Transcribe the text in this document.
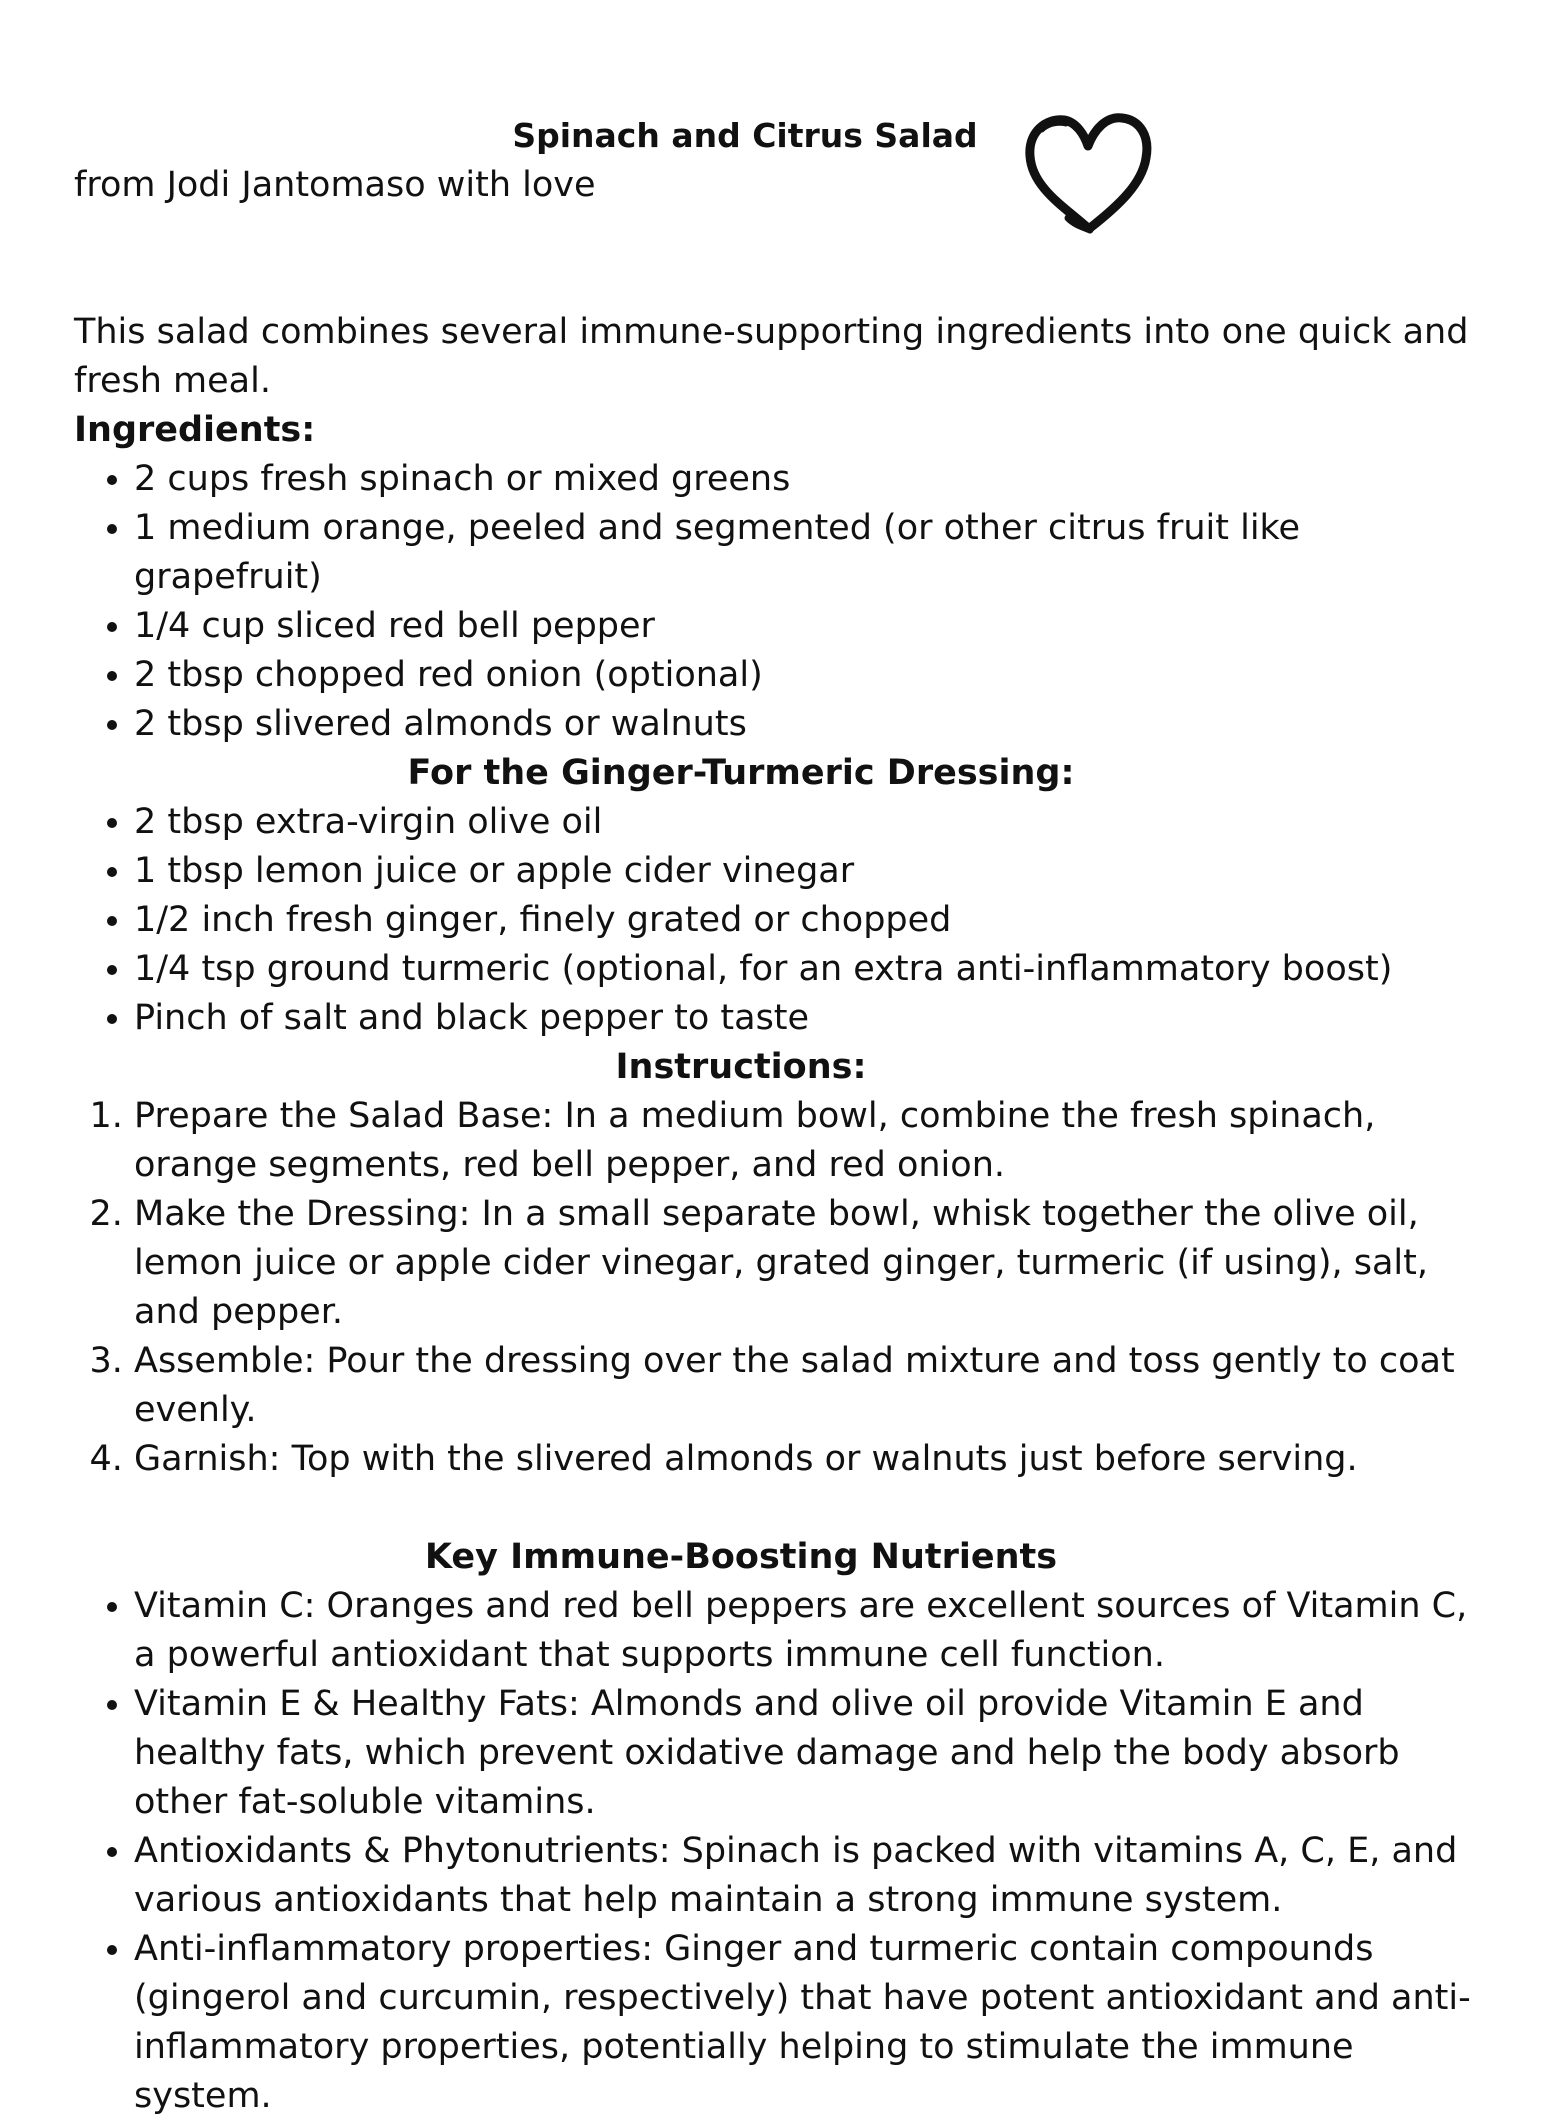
Spinach and Citrus Salad

from Jodi Jantomaso with love

This salad combines several immune-supporting ingredients into one quick and fresh meal.

Ingredients:

• 2 cups fresh spinach or mixed greens
• 1 medium orange, peeled and segmented (or other citrus fruit like grapefruit)
• 1/4 cup sliced red bell pepper
• 2 tbsp chopped red onion (optional)
• 2 tbsp slivered almonds or walnuts

For the Ginger-Turmeric Dressing:

• 2 tbsp extra-virgin olive oil
• 1 tbsp lemon juice or apple cider vinegar
• 1/2 inch fresh ginger, finely grated or chopped
• 1/4 tsp ground turmeric (optional, for an extra anti-inflammatory boost)
• Pinch of salt and black pepper to taste

Instructions:

1. Prepare the Salad Base: In a medium bowl, combine the fresh spinach, orange segments, red bell pepper, and red onion.
2. Make the Dressing: In a small separate bowl, whisk together the olive oil, lemon juice or apple cider vinegar, grated ginger, turmeric (if using), salt, and pepper.
3. Assemble: Pour the dressing over the salad mixture and toss gently to coat evenly.
4. Garnish: Top with the slivered almonds or walnuts just before serving.

Key Immune-Boosting Nutrients

• Vitamin C: Oranges and red bell peppers are excellent sources of Vitamin C, a powerful antioxidant that supports immune cell function.
• Vitamin E & Healthy Fats: Almonds and olive oil provide Vitamin E and healthy fats, which prevent oxidative damage and help the body absorb other fat-soluble vitamins.
• Antioxidants & Phytonutrients: Spinach is packed with vitamins A, C, E, and various antioxidants that help maintain a strong immune system.
• Anti-inflammatory properties: Ginger and turmeric contain compounds (gingerol and curcumin, respectively) that have potent antioxidant and anti-inflammatory properties, potentially helping to stimulate the immune system.
